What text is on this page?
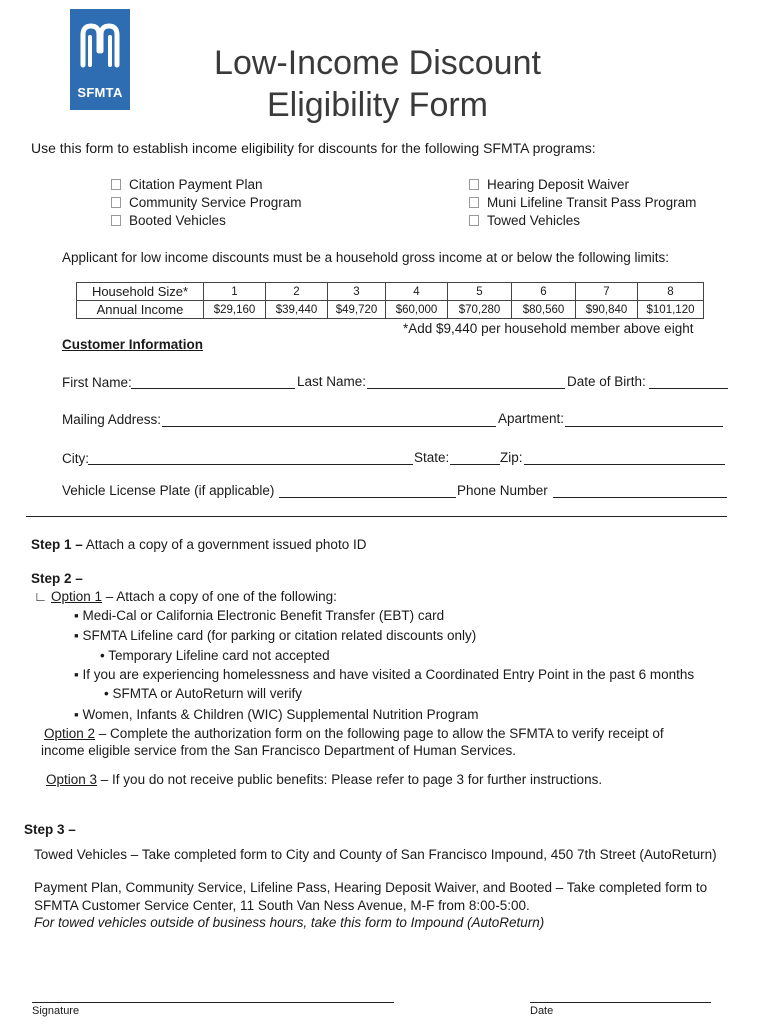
SFMTA
Low-Income Discount
Eligibility Form
Use this form to establish income eligibility for discounts for the following SFMTA programs:
Citation Payment Plan
Community Service Program
Booted Vehicles
Hearing Deposit Waiver
Muni Lifeline Transit Pass Program
Towed Vehicles
Applicant for low income discounts must be a household gross income at or below the following limits:
Household Size*	1	2	3	4	5	6	7	8
Annual Income	$29,160	$39,440	$49,720	$60,000	$70,280	$80,560	$90,840	$101,120
*Add $9,440 per household member above eight
Customer Information
First Name:	Last Name:	Date of Birth:
Mailing Address:	Apartment:
City:	State:	Zip:
Vehicle License Plate (if applicable)	Phone Number
Step 1 – Attach a copy of a government issued photo ID
Step 2 –
∟ Option 1 – Attach a copy of one of the following:
▪ Medi-Cal or California Electronic Benefit Transfer (EBT) card
▪ SFMTA Lifeline card (for parking or citation related discounts only)
• Temporary Lifeline card not accepted
▪ If you are experiencing homelessness and have visited a Coordinated Entry Point in the past 6 months
• SFMTA or AutoReturn will verify
▪ Women, Infants & Children (WIC) Supplemental Nutrition Program
Option 2 – Complete the authorization form on the following page to allow the SFMTA to verify receipt of
income eligible service from the San Francisco Department of Human Services.
Option 3 – If you do not receive public benefits: Please refer to page 3 for further instructions.
Step 3 –
Towed Vehicles – Take completed form to City and County of San Francisco Impound, 450 7th Street (AutoReturn)
Payment Plan, Community Service, Lifeline Pass, Hearing Deposit Waiver, and Booted – Take completed form to
SFMTA Customer Service Center, 11 South Van Ness Avenue, M-F from 8:00-5:00.
For towed vehicles outside of business hours, take this form to Impound (AutoReturn)
Signature	Date
